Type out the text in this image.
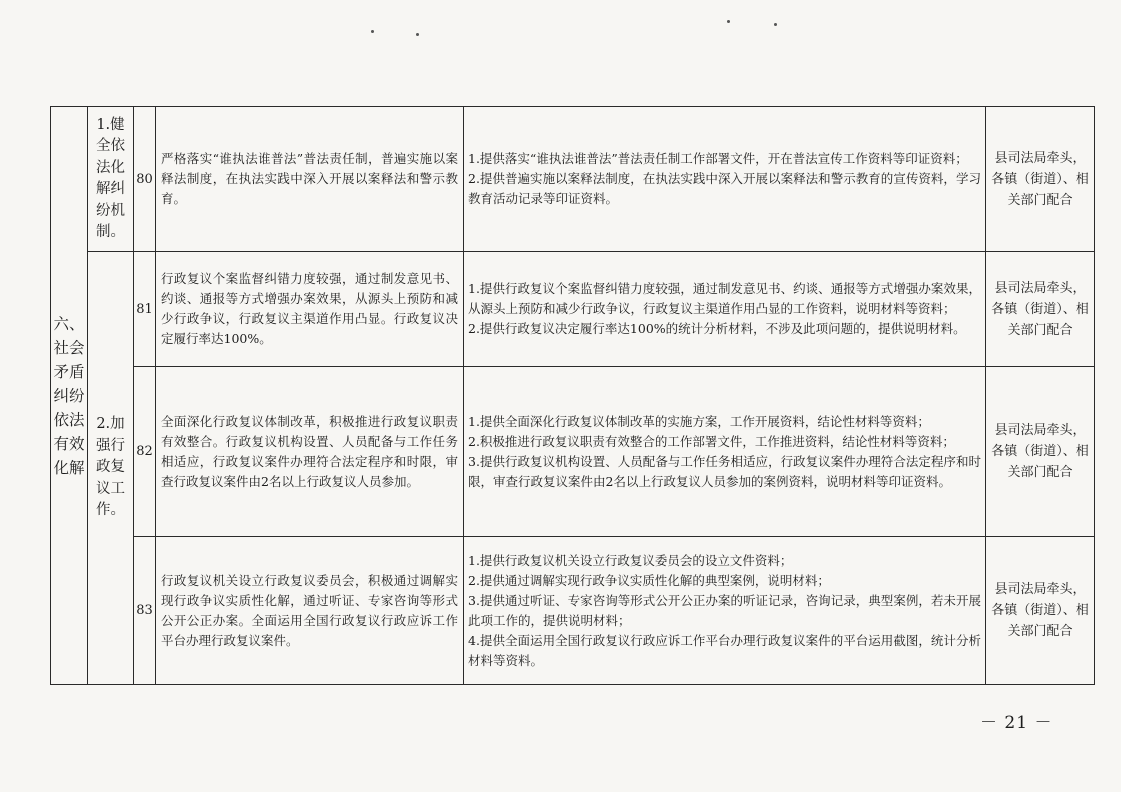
六、社会矛盾纠纷依法有效化解	1.健全依法化解纠纷机制。	80	严格落实“谁执法谁普法”普法责任制，普遍实施以案释法制度，在执法实践中深入开展以案释法和警示教育。	1.提供落实“谁执法谁普法”普法责任制工作部署文件，开在普法宣传工作资料等印证资料；
2.提供普遍实施以案释法制度，在执法实践中深入开展以案释法和警示教育的宣传资料，学习教育活动记录等印证资料。	县司法局牵头，各镇（街道）、相关部门配合

	2.加强行政复议工作。	81	行政复议个案监督纠错力度较强，通过制发意见书、约谈、通报等方式增强办案效果，从源头上预防和减少行政争议，行政复议主渠道作用凸显。行政复议决定履行率达100%。	1.提供行政复议个案监督纠错力度较强，通过制发意见书、约谈、通报等方式增强办案效果，从源头上预防和减少行政争议，行政复议主渠道作用凸显的工作资料，说明材料等资料；
2.提供行政复议决定履行率达100%的统计分析材料，不涉及此项问题的，提供说明材料。	县司法局牵头，各镇（街道）、相关部门配合

		82	全面深化行政复议体制改革，积极推进行政复议职责有效整合。行政复议机构设置、人员配备与工作任务相适应，行政复议案件办理符合法定程序和时限，审查行政复议案件由2名以上行政复议人员参加。	1.提供全面深化行政复议体制改革的实施方案，工作开展资料，结论性材料等资料；
2.积极推进行政复议职责有效整合的工作部署文件，工作推进资料，结论性材料等资料；
3.提供行政复议机构设置、人员配备与工作任务相适应，行政复议案件办理符合法定程序和时限，审查行政复议案件由2名以上行政复议人员参加的案例资料，说明材料等印证资料。	县司法局牵头，各镇（街道）、相关部门配合

		83	行政复议机关设立行政复议委员会，积极通过调解实现行政争议实质性化解，通过听证、专家咨询等形式公开公正办案。全面运用全国行政复议行政应诉工作平台办理行政复议案件。	1.提供行政复议机关设立行政复议委员会的设立文件资料；
2.提供通过调解实现行政争议实质性化解的典型案例，说明材料；
3.提供通过听证、专家咨询等形式公开公正办案的听证记录，咨询记录，典型案例，若未开展此项工作的，提供说明材料；
4.提供全面运用全国行政复议行政应诉工作平台办理行政复议案件的平台运用截图，统计分析材料等资料。	县司法局牵头，各镇（街道）、相关部门配合
－ 21 －
